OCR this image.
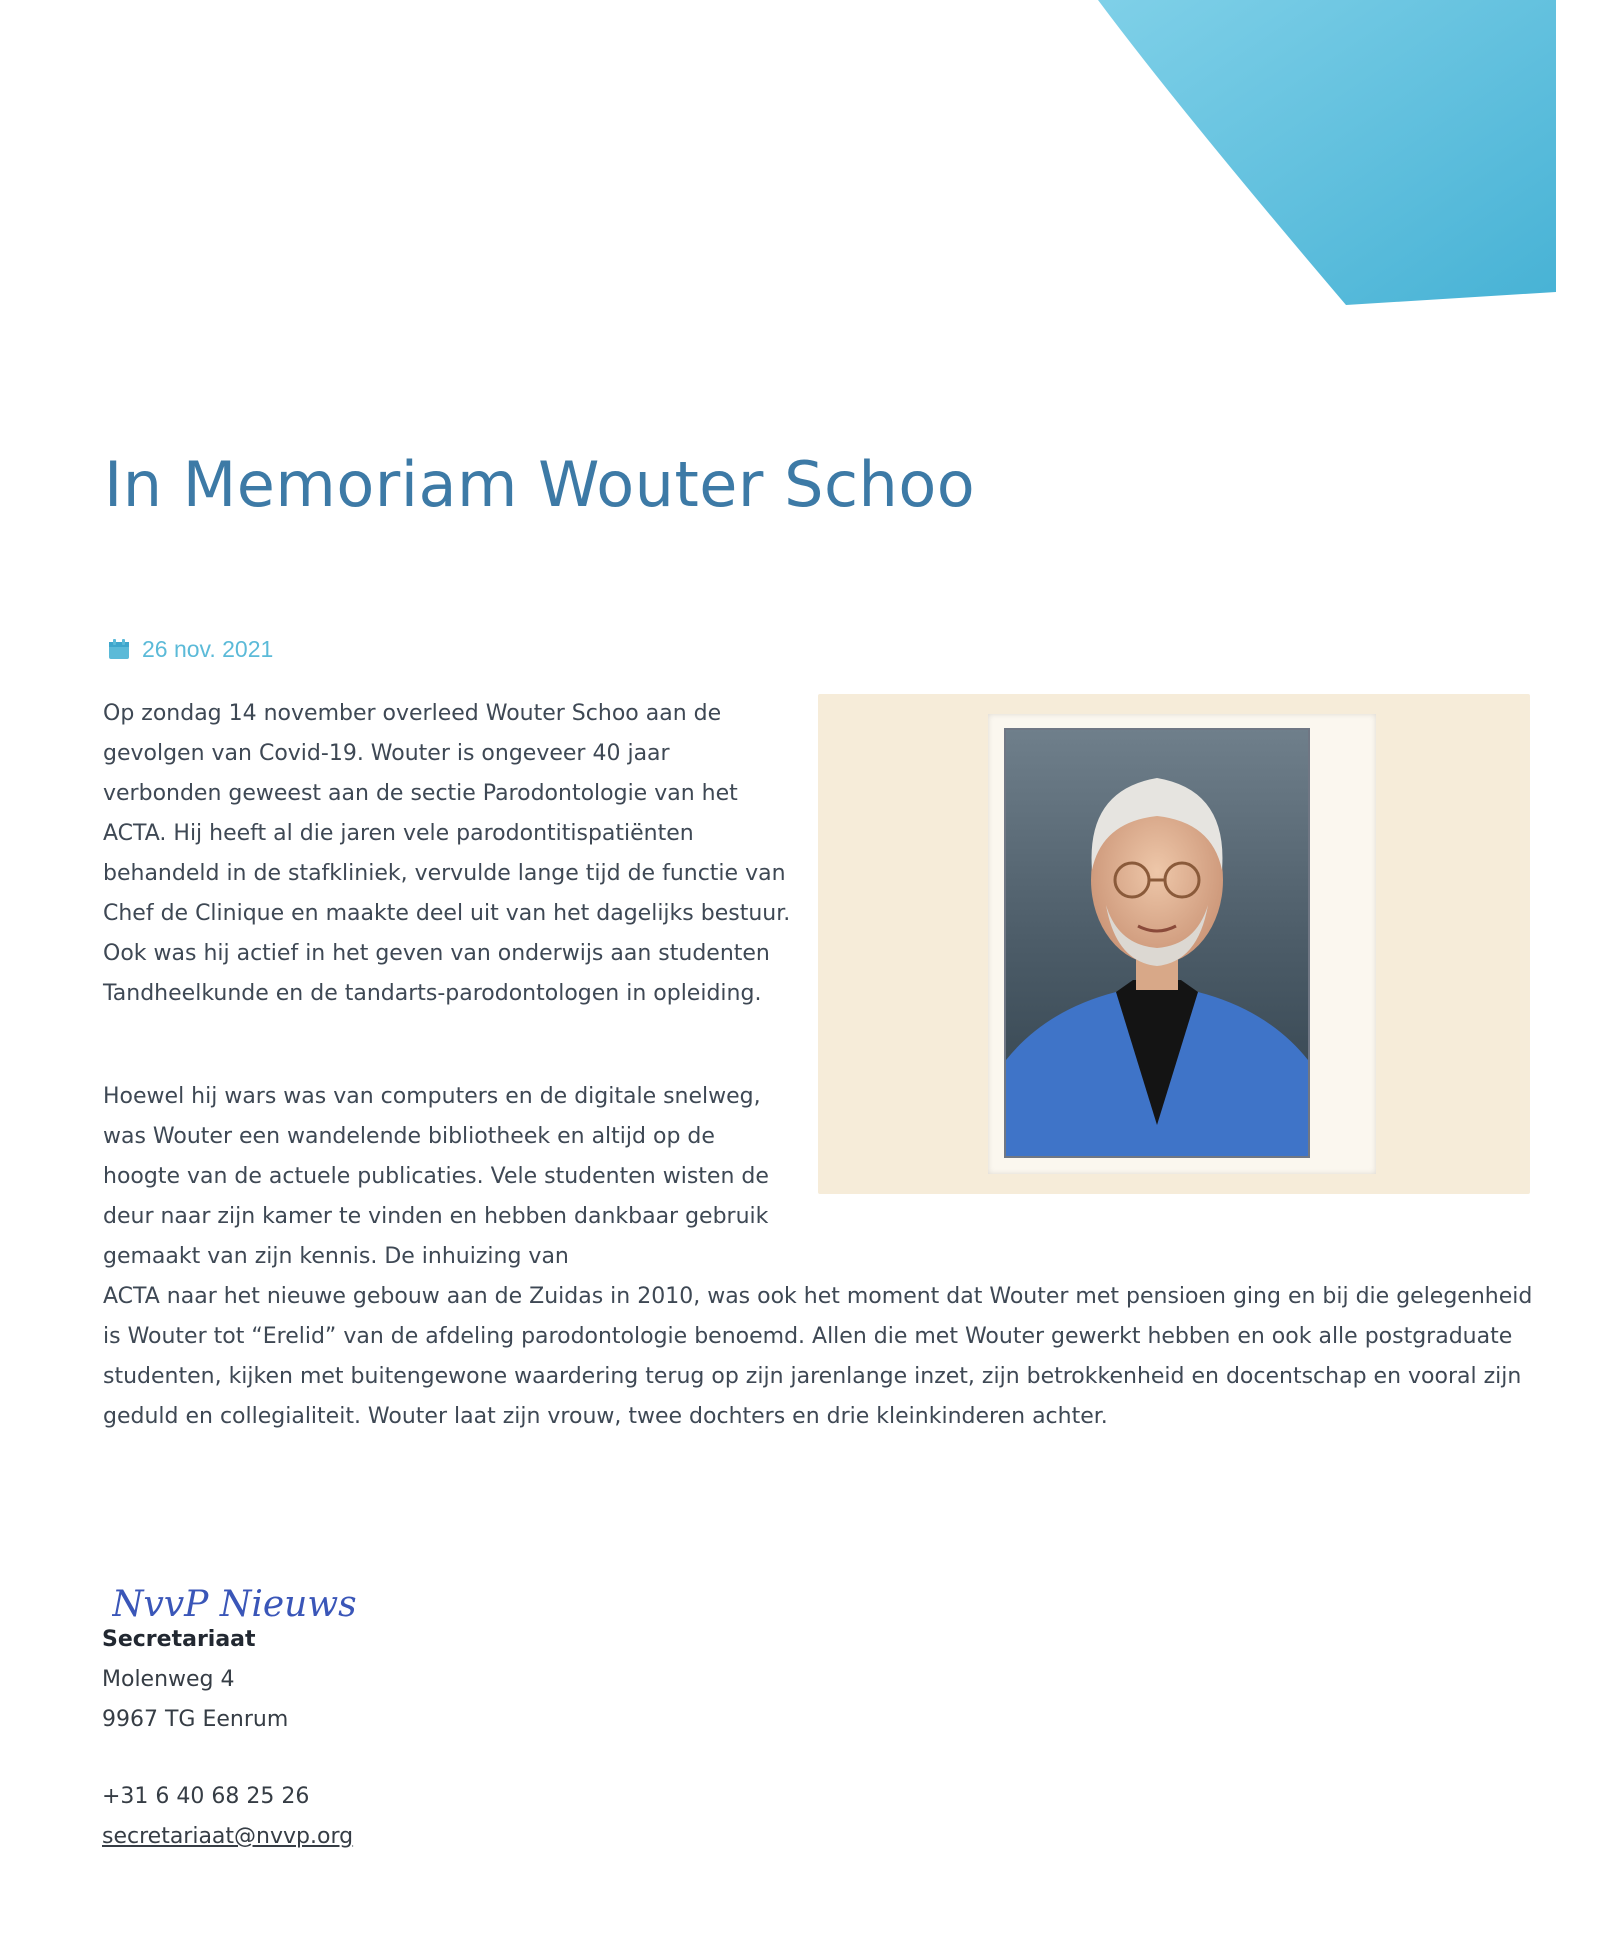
In Memoriam Wouter Schoo
26 nov. 2021

Op zondag 14 november overleed Wouter Schoo aan de gevolgen van Covid-19. Wouter is ongeveer 40 jaar verbonden geweest aan de sectie Parodontologie van het ACTA. Hij heeft al die jaren vele parodontitispatiënten behandeld in de stafkliniek, vervulde lange tijd de functie van Chef de Clinique en maakte deel uit van het dagelijks bestuur. Ook was hij actief in het geven van onderwijs aan studenten Tandheelkunde en de tandarts-parodontologen in opleiding.

Hoewel hij wars was van computers en de digitale snelweg, was Wouter een wandelende bibliotheek en altijd op de hoogte van de actuele publicaties. Vele studenten wisten de deur naar zijn kamer te vinden en hebben dankbaar gebruik gemaakt van zijn kennis. De inhuizing van

ACTA naar het nieuwe gebouw aan de Zuidas in 2010, was ook het moment dat Wouter met pensioen ging en bij die gelegenheid is Wouter tot “Erelid” van de afdeling parodontologie benoemd. Allen die met Wouter gewerkt hebben en ook alle postgraduate studenten, kijken met buitengewone waardering terug op zijn jarenlange inzet, zijn betrokkenheid en docentschap en vooral zijn geduld en collegialiteit. Wouter laat zijn vrouw, twee dochters en drie kleinkinderen achter.

NvvP Nieuws
Secretariaat
Molenweg 4
9967 TG Eenrum
+31 6 40 68 25 26
secretariaat@nvvp.org
